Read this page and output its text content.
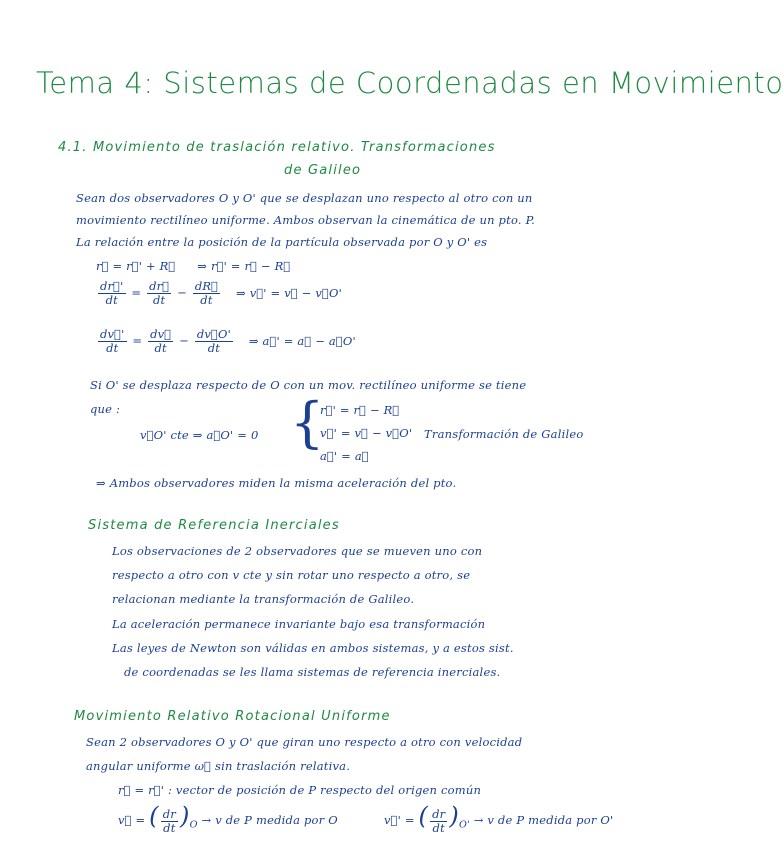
Tema 4: Sistemas de Coordenadas en Movimiento
4.1. Movimiento de traslación relativo. Transformaciones
de Galileo
Sean dos observadores O y O' que se desplazan uno respecto al otro con un
movimiento rectilíneo uniforme. Ambos observan la cinemática de un pto. P.
La relación entre la posición de la partícula observada por O y O' es
r⃗ = r⃗' + R⃗ ⇒ r⃗' = r⃗ − R⃗
$\frac{dr⃗'}{dt} = \frac{dr⃗}{dt} - \frac{dR⃗}{dt}$ ⇒ v⃗' = v⃗ − v⃗O'
$\frac{dv⃗'}{dt} = \frac{dv⃗}{dt} - \frac{dv⃗O'}{dt}$ ⇒ a⃗' = a⃗ − a⃗O'
Si O' se desplaza respecto de O con un mov. rectilíneo uniforme se tiene
que :
v⃗O' cte ⇒ a⃗O' = 0 {
r⃗' = r⃗ − R⃗
v⃗' = v⃗ − v⃗O'
a⃗' = a⃗
Transformación de Galileo
⇒ Ambos observadores miden la misma aceleración del pto.
Sistema de Referencia Inerciales
Los observaciones de 2 observadores que se mueven uno con
respecto a otro con v cte y sin rotar uno respecto a otro, se
relacionan mediante la transformación de Galileo.
La aceleración permanece invariante bajo esa transformación
Las leyes de Newton son válidas en ambos sistemas, y a estos sist.
de coordenadas se les llama sistemas de referencia inerciales.
Movimiento Relativo Rotacional Uniforme
Sean 2 observadores O y O' que giran uno respecto a otro con velocidad
angular uniforme ω⃗ sin traslación relativa.
r⃗ = r⃗' : vector de posición de P respecto del origen común
v⃗ = ( $\frac{dr}{dt} )_O \to v$ de P medida por O	v⃗' = ( $\frac{dr}{dt} )_{O'} \to v$ de P medida por O'
